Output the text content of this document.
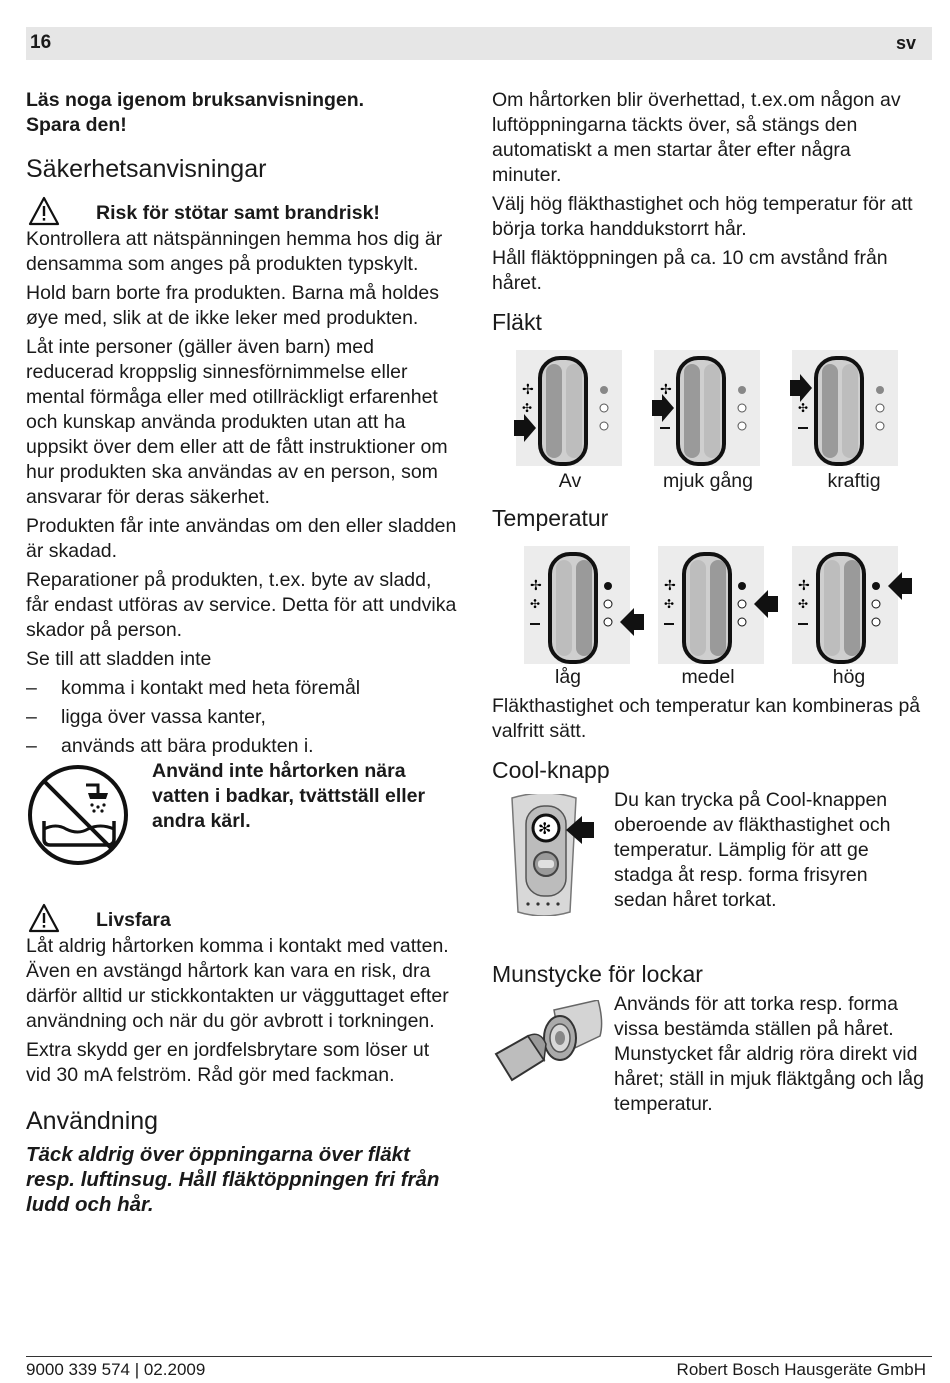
16	sv

Läs noga igenom bruksanvisningen. Spara den!

Säkerhetsanvisningar
Risk för stötar samt brandrisk!

Kontrollera att nätspänningen hemma hos dig är densamma som anges på produkten typskylt.

Hold barn borte fra produkten. Barna må holdes øye med, slik at de ikke leker med produkten.

Låt inte personer (gäller även barn) med reducerad kroppslig sinnesförnimmelse eller mental förmåga eller med otillräckligt erfarenhet och kunskap använda produkten utan att ha uppsikt över dem eller att de fått instruktioner om hur produkten ska användas av en person, som ansvarar för deras säkerhet.

Produkten får inte användas om den eller sladden är skadad.

Reparationer på produkten, t.ex. byte av sladd, får endast utföras av service. Detta för att undvika skador på person.

Se till att sladden inte

–	komma i kontakt med heta föremål
–	ligga över vassa kanter,
–	används att bära produkten i.

Använd inte hårtorken nära vatten i badkar, tvättställ eller andra kärl.

Livsfara

Låt aldrig hårtorken komma i kontakt med vatten. Även en avstängd hårtork kan vara en risk, dra därför alltid ur stickkontakten ur vägguttaget efter användning och när du gör avbrott i torkningen.

Extra skydd ger en jordfelsbrytare som löser ut vid 30 mA felström. Råd gör med fackman.

Användning

Täck aldrig över öppningarna över fläkt resp. luftinsug. Håll fläktöppningen fri från ludd och hår.

Om hårtorken blir överhettad, t.ex.om någon av luftöppningarna täckts över, så stängs den automatiskt a men startar åter efter några minuter.

Välj hög fläkthastighet och hög temperatur för att börja torka handdukstorrt hår.

Håll fläktöppningen på ca. 10 cm avstånd från håret.

Fläkt
✢
✣
✢
✣
Av	mjuk gång	kraftig
Temperatur
✢
✣
✢
✣
✢
✣
låg	medel	hög

Fläkthastighet och temperatur kan kombineras på valfritt sätt.

Cool-knapp
✻

Du kan trycka på Cool-knappen oberoende av fläkthastighet och temperatur. Lämplig för att ge stadga åt resp. forma frisyren sedan håret torkat.

Munstycke för lockar

Används för att torka resp. forma vissa bestämda ställen på håret. Munstycket får aldrig röra direkt vid håret; ställ in mjuk fläktgång och låg temperatur.

9000 339 574 | 02.2009	Robert Bosch Hausgeräte GmbH
